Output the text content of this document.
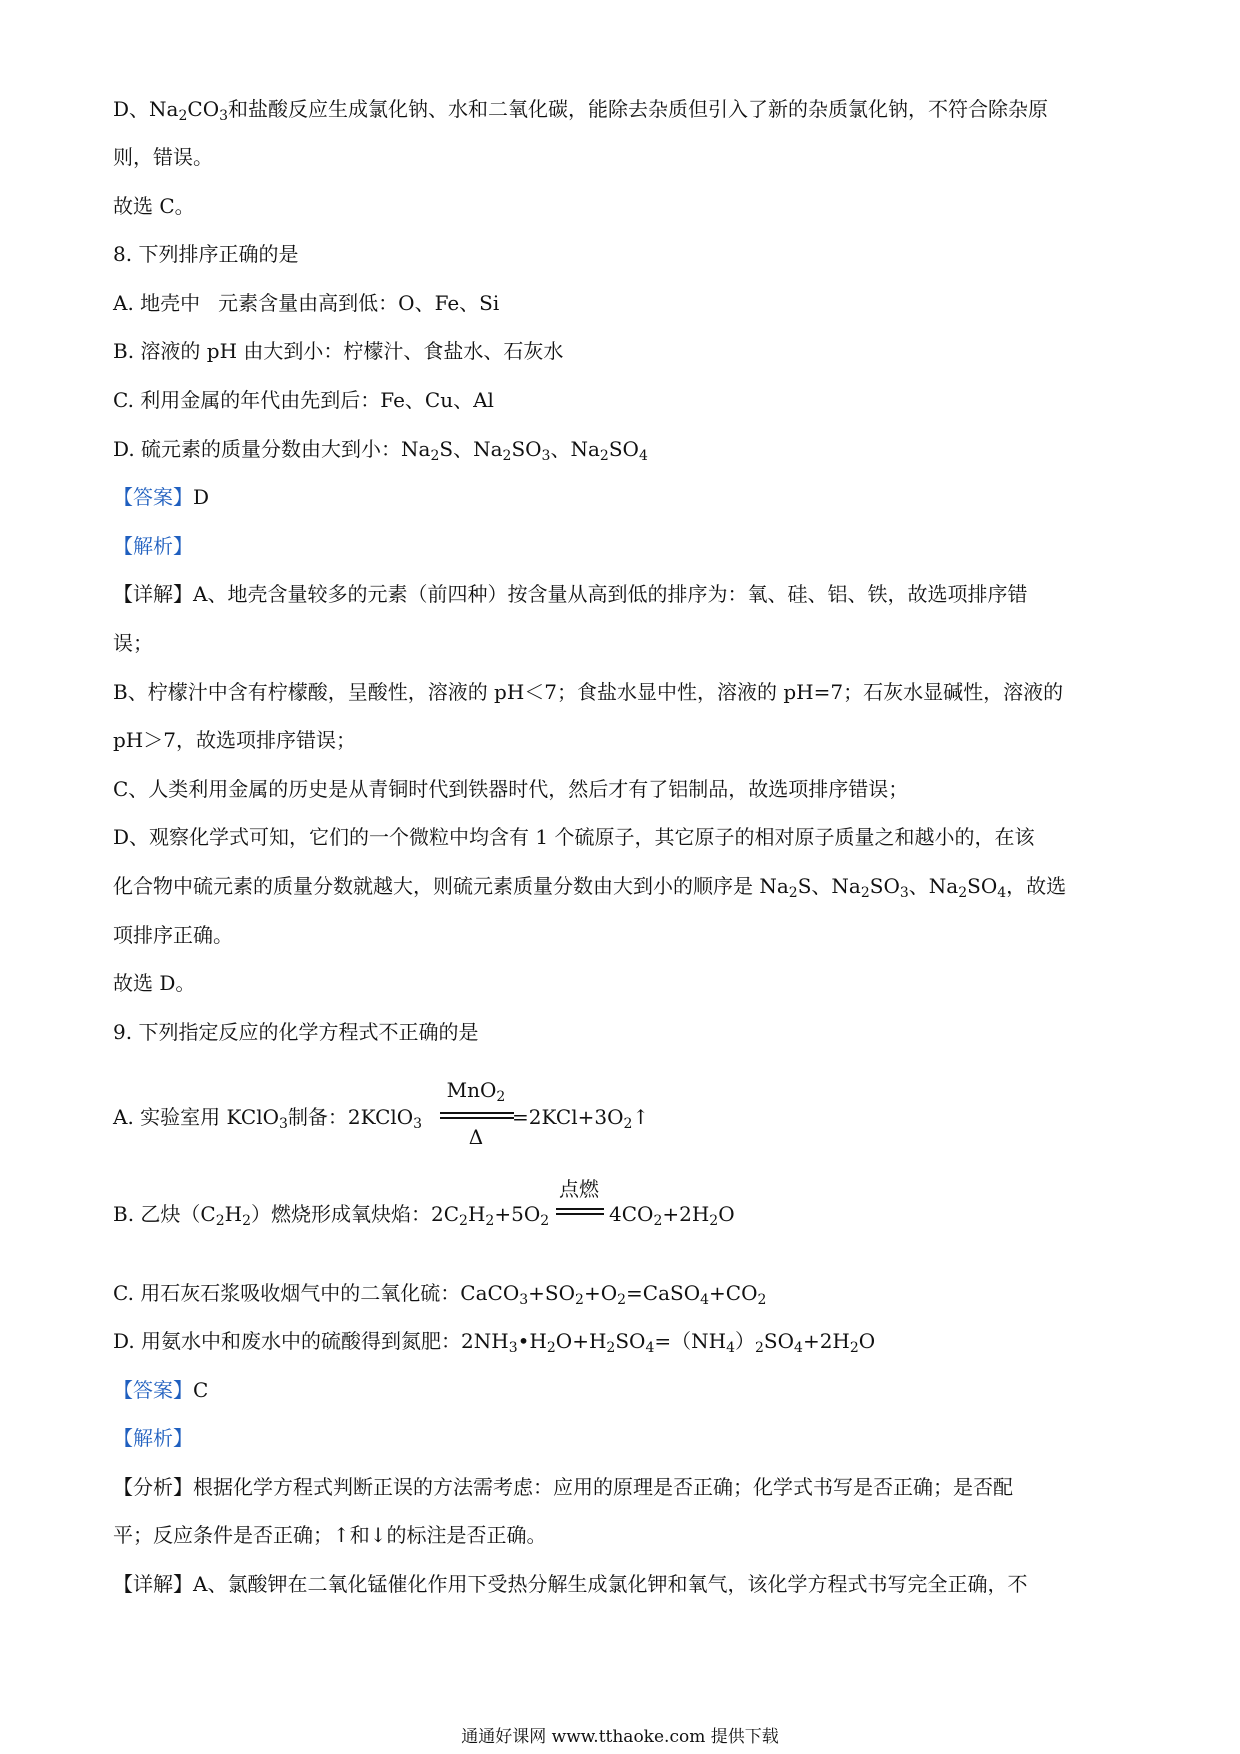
D、$Na_2CO_3$和盐酸反应生成氯化钠、水和二氧化碳，能除去杂质但引入了新的杂质氯化钠，不符合除杂原
则，错误。
故选 C。
8. 下列排序正确的是
A. 地壳中 元素含量由高到低：O、Fe、Si
B. 溶液的 pH 由大到小：柠檬汁、食盐水、石灰水
C. 利用金属的年代由先到后：Fe、Cu、Al
D. 硫元素的质量分数由大到小：$Na_2S$、$Na_2SO_3$、$Na_2SO_4$
【答案】D
【解析】
【详解】A、地壳含量较多的元素（前四种）按含量从高到低的排序为：氧、硅、铝、铁，故选项排序错
误；
B、柠檬汁中含有柠檬酸，呈酸性，溶液的 pH＜7；食盐水显中性，溶液的 pH=7；石灰水显碱性，溶液的
pH＞7，故选项排序错误；
C、人类利用金属的历史是从青铜时代到铁器时代，然后才有了铝制品，故选项排序错误；
D、观察化学式可知，它们的一个微粒中均含有 1 个硫原子，其它原子的相对原子质量之和越小的，在该
化合物中硫元素的质量分数就越大，则硫元素质量分数由大到小的顺序是 $Na_2S$、$Na_2SO_3$、$Na_2SO_4$，故选
项排序正确。
故选 D。
9. 下列指定反应的化学方程式不正确的是
A. 实验室用 KClO$_3$制备：2KClO$_3$
MnO$_2$
Δ
$=2KCl+3O_2↑$
B. 乙炔$(C_2H_2)$燃烧形成氧炔焰：$2C_2H_2+5O_2$
点燃
$4CO_2+2H_2O$
C. 用石灰石浆吸收烟气中的二氧化硫：$CaCO_3+SO_2+O_2=CaSO_4+CO_2$
D. 用氨水中和废水中的硫酸得到氮肥：$2NH_3•H_2O+H_2SO_4=(NH_4)_2SO_4+2H_2O$
【答案】C
【解析】
【分析】根据化学方程式判断正误的方法需考虑：应用的原理是否正确；化学式书写是否正确；是否配
平；反应条件是否正确；↑和↓的标注是否正确。
【详解】A、氯酸钾在二氧化锰催化作用下受热分解生成氯化钾和氧气，该化学方程式书写完全正确，不
通通好课网 www.tthaoke.com 提供下载
